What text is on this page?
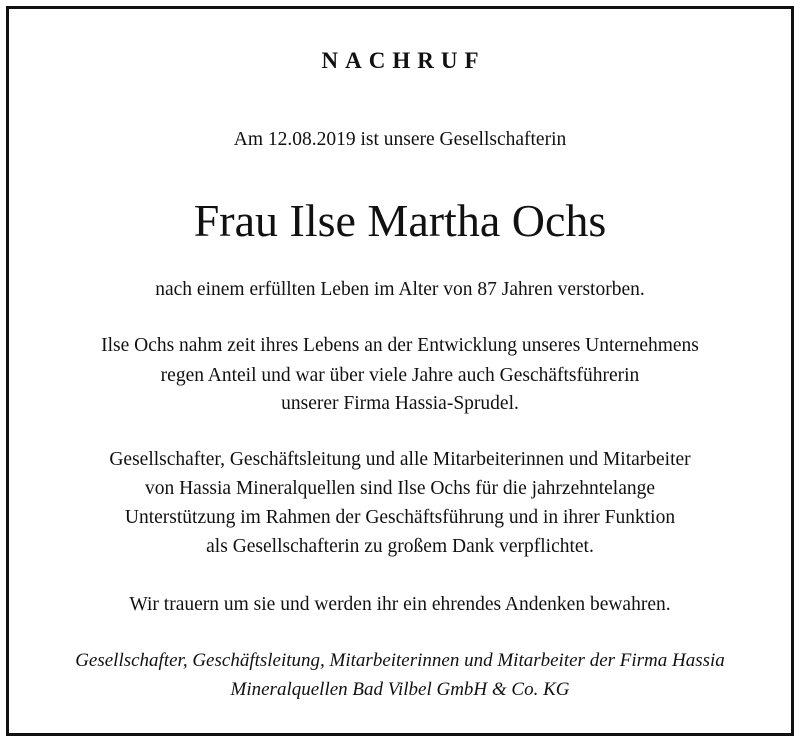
NACHRUF
Am 12.08.2019 ist unsere Gesellschafterin
Frau Ilse Martha Ochs
nach einem erfüllten Leben im Alter von 87 Jahren verstorben.
Ilse Ochs nahm zeit ihres Lebens an der Entwicklung unseres Unternehmens
regen Anteil und war über viele Jahre auch Geschäftsführerin
unserer Firma Hassia-Sprudel.
Gesellschafter, Geschäftsleitung und alle Mitarbeiterinnen und Mitarbeiter
von Hassia Mineralquellen sind Ilse Ochs für die jahrzehntelange
Unterstützung im Rahmen der Geschäftsführung und in ihrer Funktion
als Gesellschafterin zu großem Dank verpflichtet.
Wir trauern um sie und werden ihr ein ehrendes Andenken bewahren.
Gesellschafter, Geschäftsleitung, Mitarbeiterinnen und Mitarbeiter der Firma Hassia
Mineralquellen Bad Vilbel GmbH & Co. KG
